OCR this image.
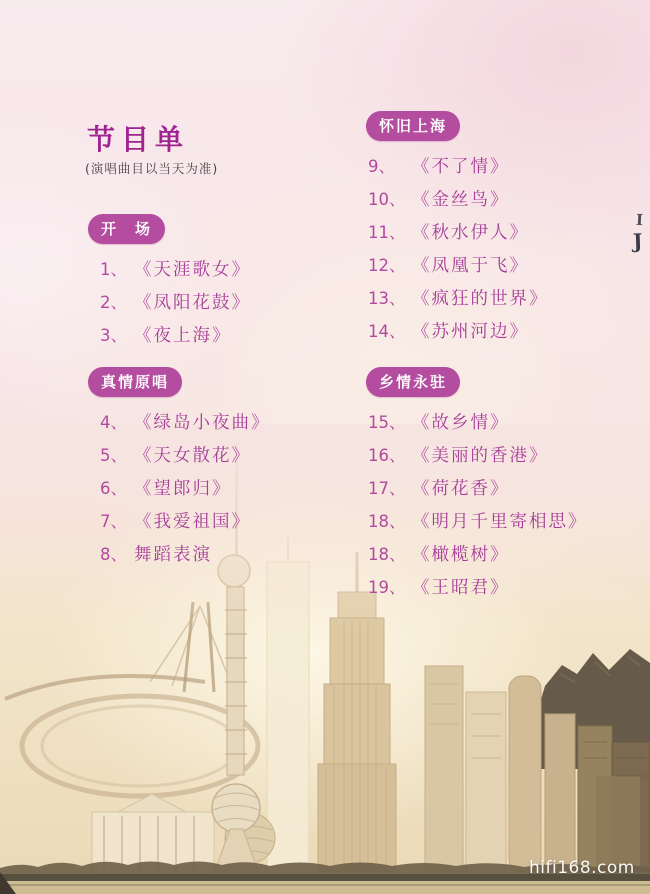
节目单
(演唱曲目以当天为准)
开　场
1、 《天涯歌女》
2、 《凤阳花鼓》
3、 《夜上海》
真情原唱
4、 《绿岛小夜曲》
5、 《天女散花》
6、 《望郎归》
7、 《我爱祖国》
8、 舞蹈表演
怀旧上海
9、 《不了情》
10、 《金丝鸟》
11、 《秋水伊人》
12、 《凤凰于飞》
13、 《疯狂的世界》
14、 《苏州河边》
乡情永驻
15、 《故乡情》
16、 《美丽的香港》
17、 《荷花香》
18、 《明月千里寄相思》
18、 《橄榄树》
19、 《王昭君》
I
J
hifi168.com
